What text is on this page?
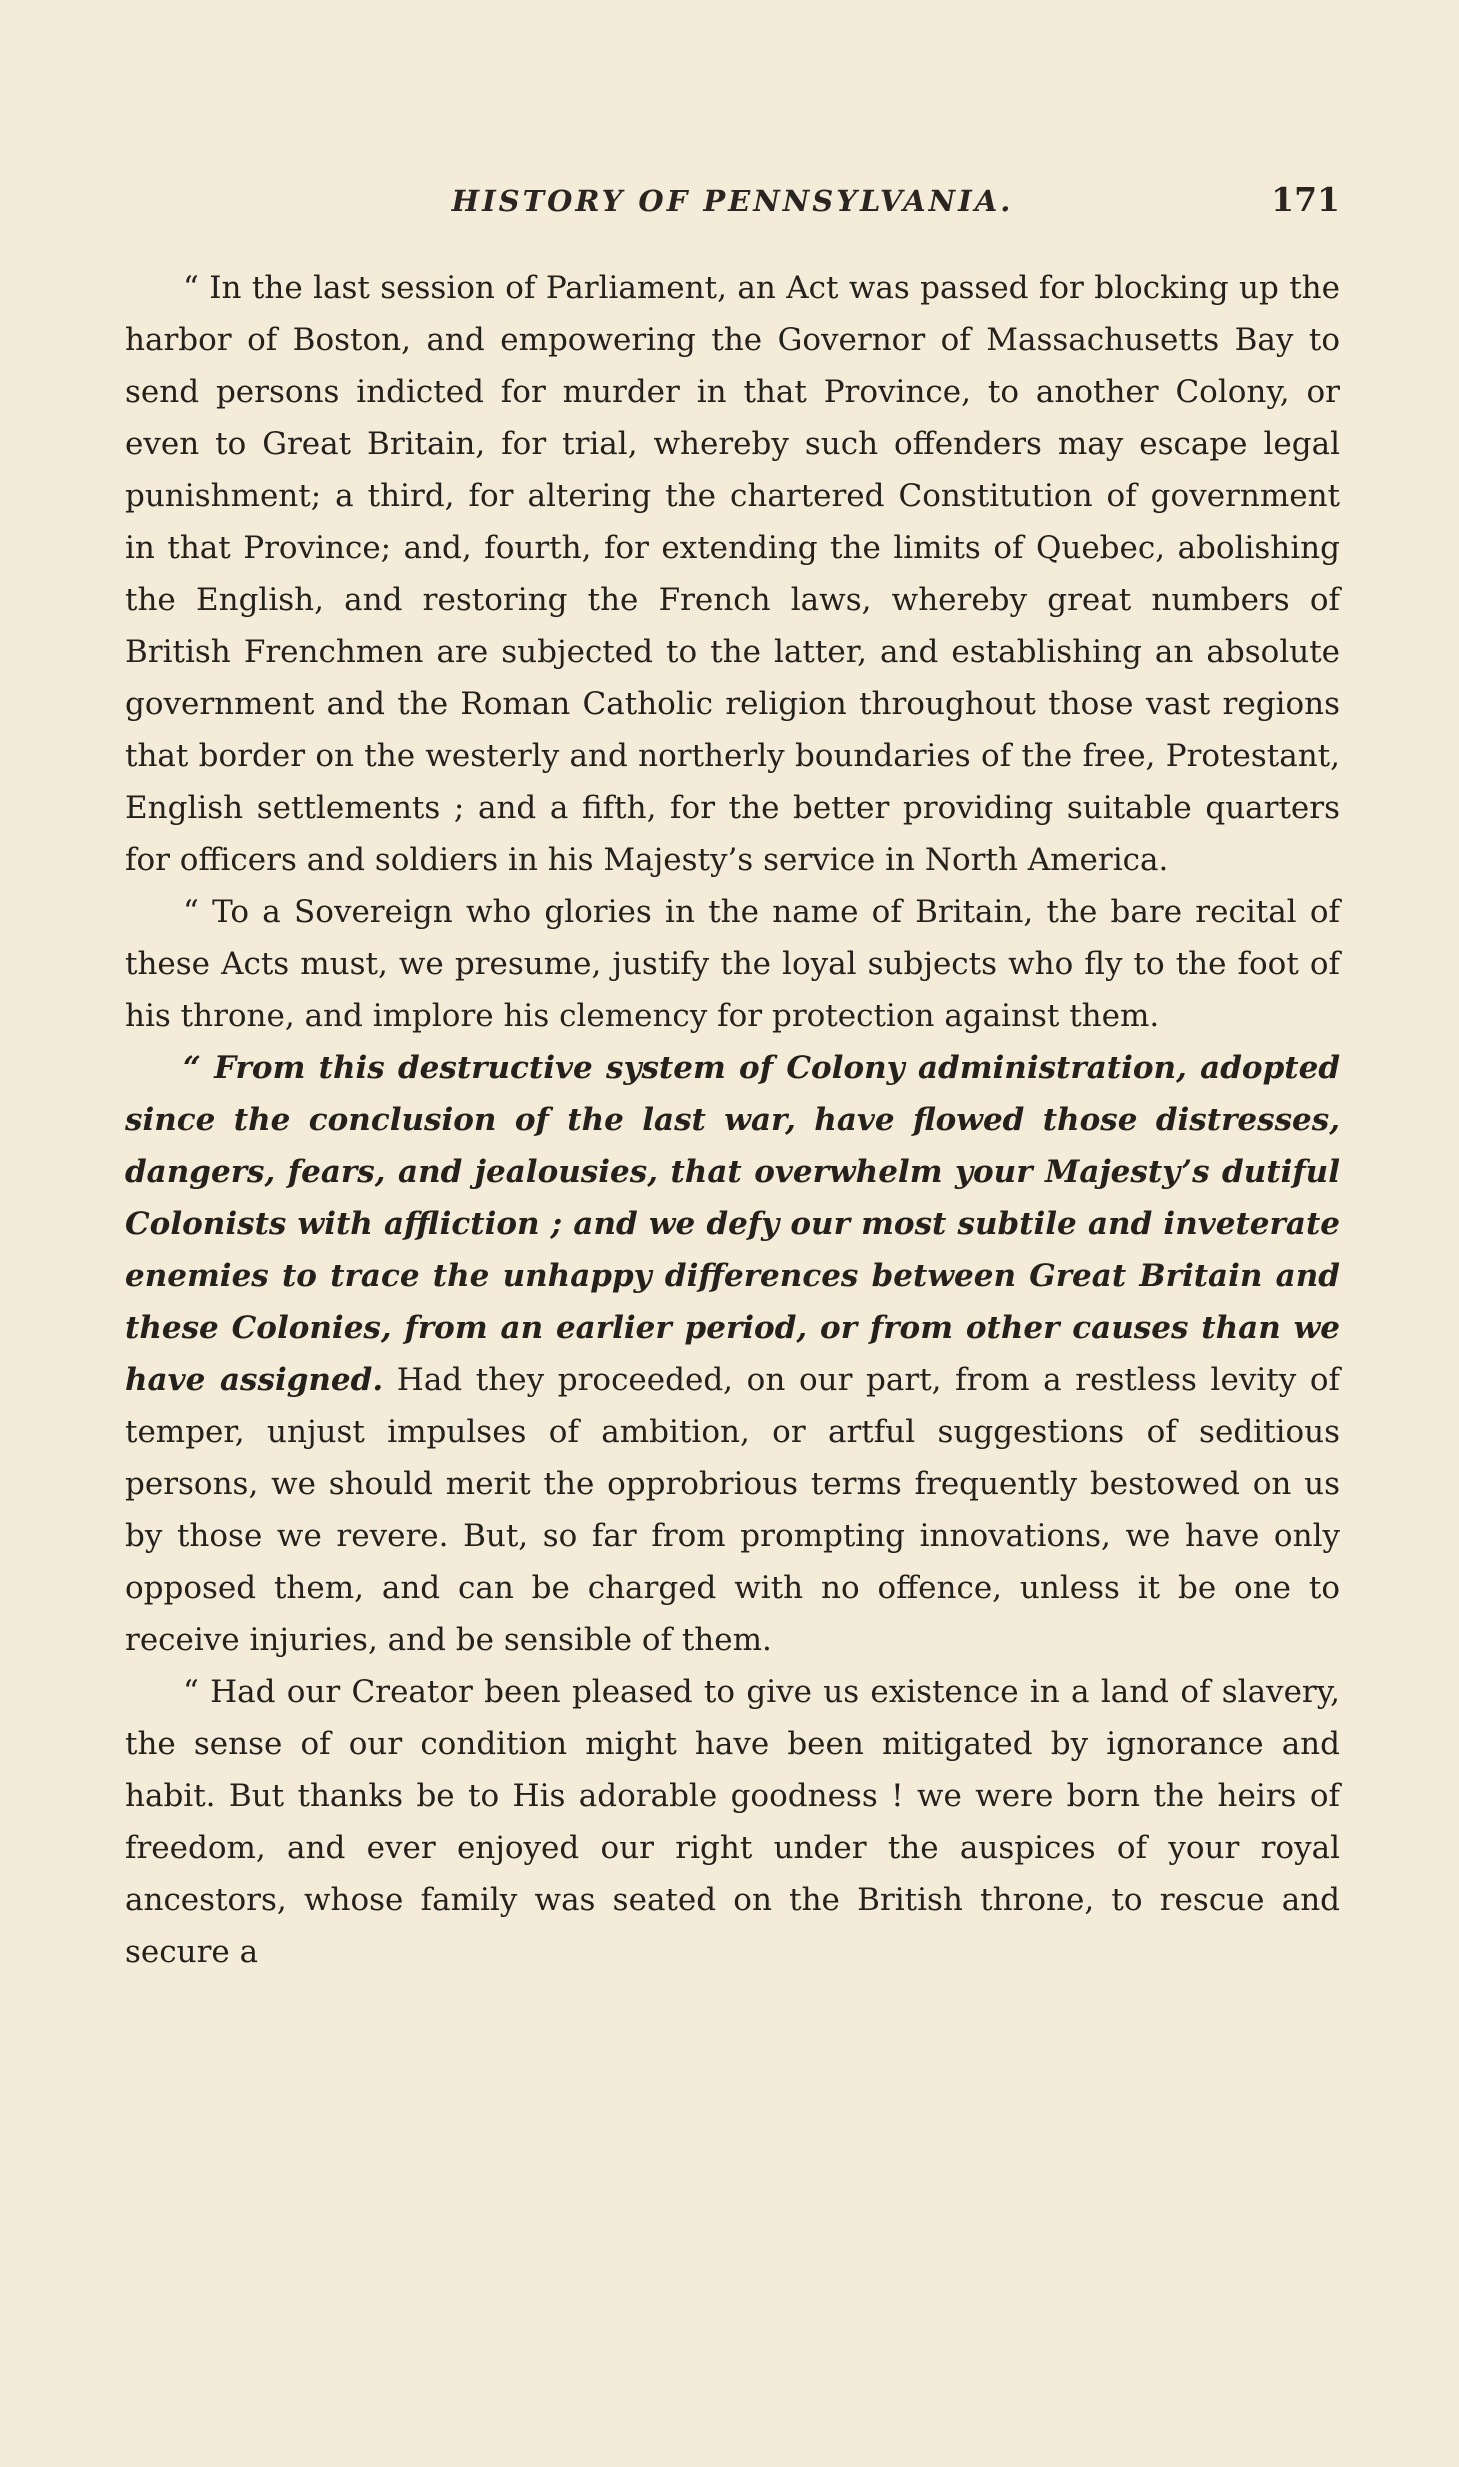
HISTORY OF PENNSYLVANIA.	171

“ In the last session of Parliament, an Act was passed for blocking up the harbor of Boston, and empowering the Governor of Massachusetts Bay to send persons indicted for murder in that Province, to another Colony, or even to Great Britain, for trial, whereby such offenders may escape legal punishment; a third, for altering the chartered Constitution of government in that Province; and, fourth, for extending the limits of Quebec, abolishing the English, and restoring the French laws, whereby great numbers of British Frenchmen are subjected to the latter, and establishing an absolute government and the Roman Catholic religion throughout those vast regions that border on the westerly and northerly boundaries of the free, Protestant, English settlements ; and a fifth, for the better providing suitable quarters for officers and soldiers in his Majesty’s service in North America.

“ To a Sovereign who glories in the name of Britain, the bare recital of these Acts must, we presume, justify the loyal subjects who fly to the foot of his throne, and implore his clemency for protection against them.

“ From this destructive system of Colony administration, adopted since the conclusion of the last war, have flowed those distresses, dangers, fears, and jealousies, that overwhelm your Majesty’s dutiful Colonists with affliction ; and we defy our most subtile and inveterate enemies to trace the unhappy differences between Great Britain and these Colonies, from an earlier period, or from other causes than we have assigned. Had they proceeded, on our part, from a restless levity of temper, unjust impulses of ambition, or artful suggestions of seditious persons, we should merit the opprobrious terms frequently bestowed on us by those we revere. But, so far from prompting innovations, we have only opposed them, and can be charged with no offence, unless it be one to receive injuries, and be sensible of them.

“ Had our Creator been pleased to give us existence in a land of slavery, the sense of our condition might have been mitigated by ignorance and habit. But thanks be to His adorable goodness ! we were born the heirs of freedom, and ever enjoyed our right under the auspices of your royal ancestors, whose family was seated on the British throne, to rescue and secure a
